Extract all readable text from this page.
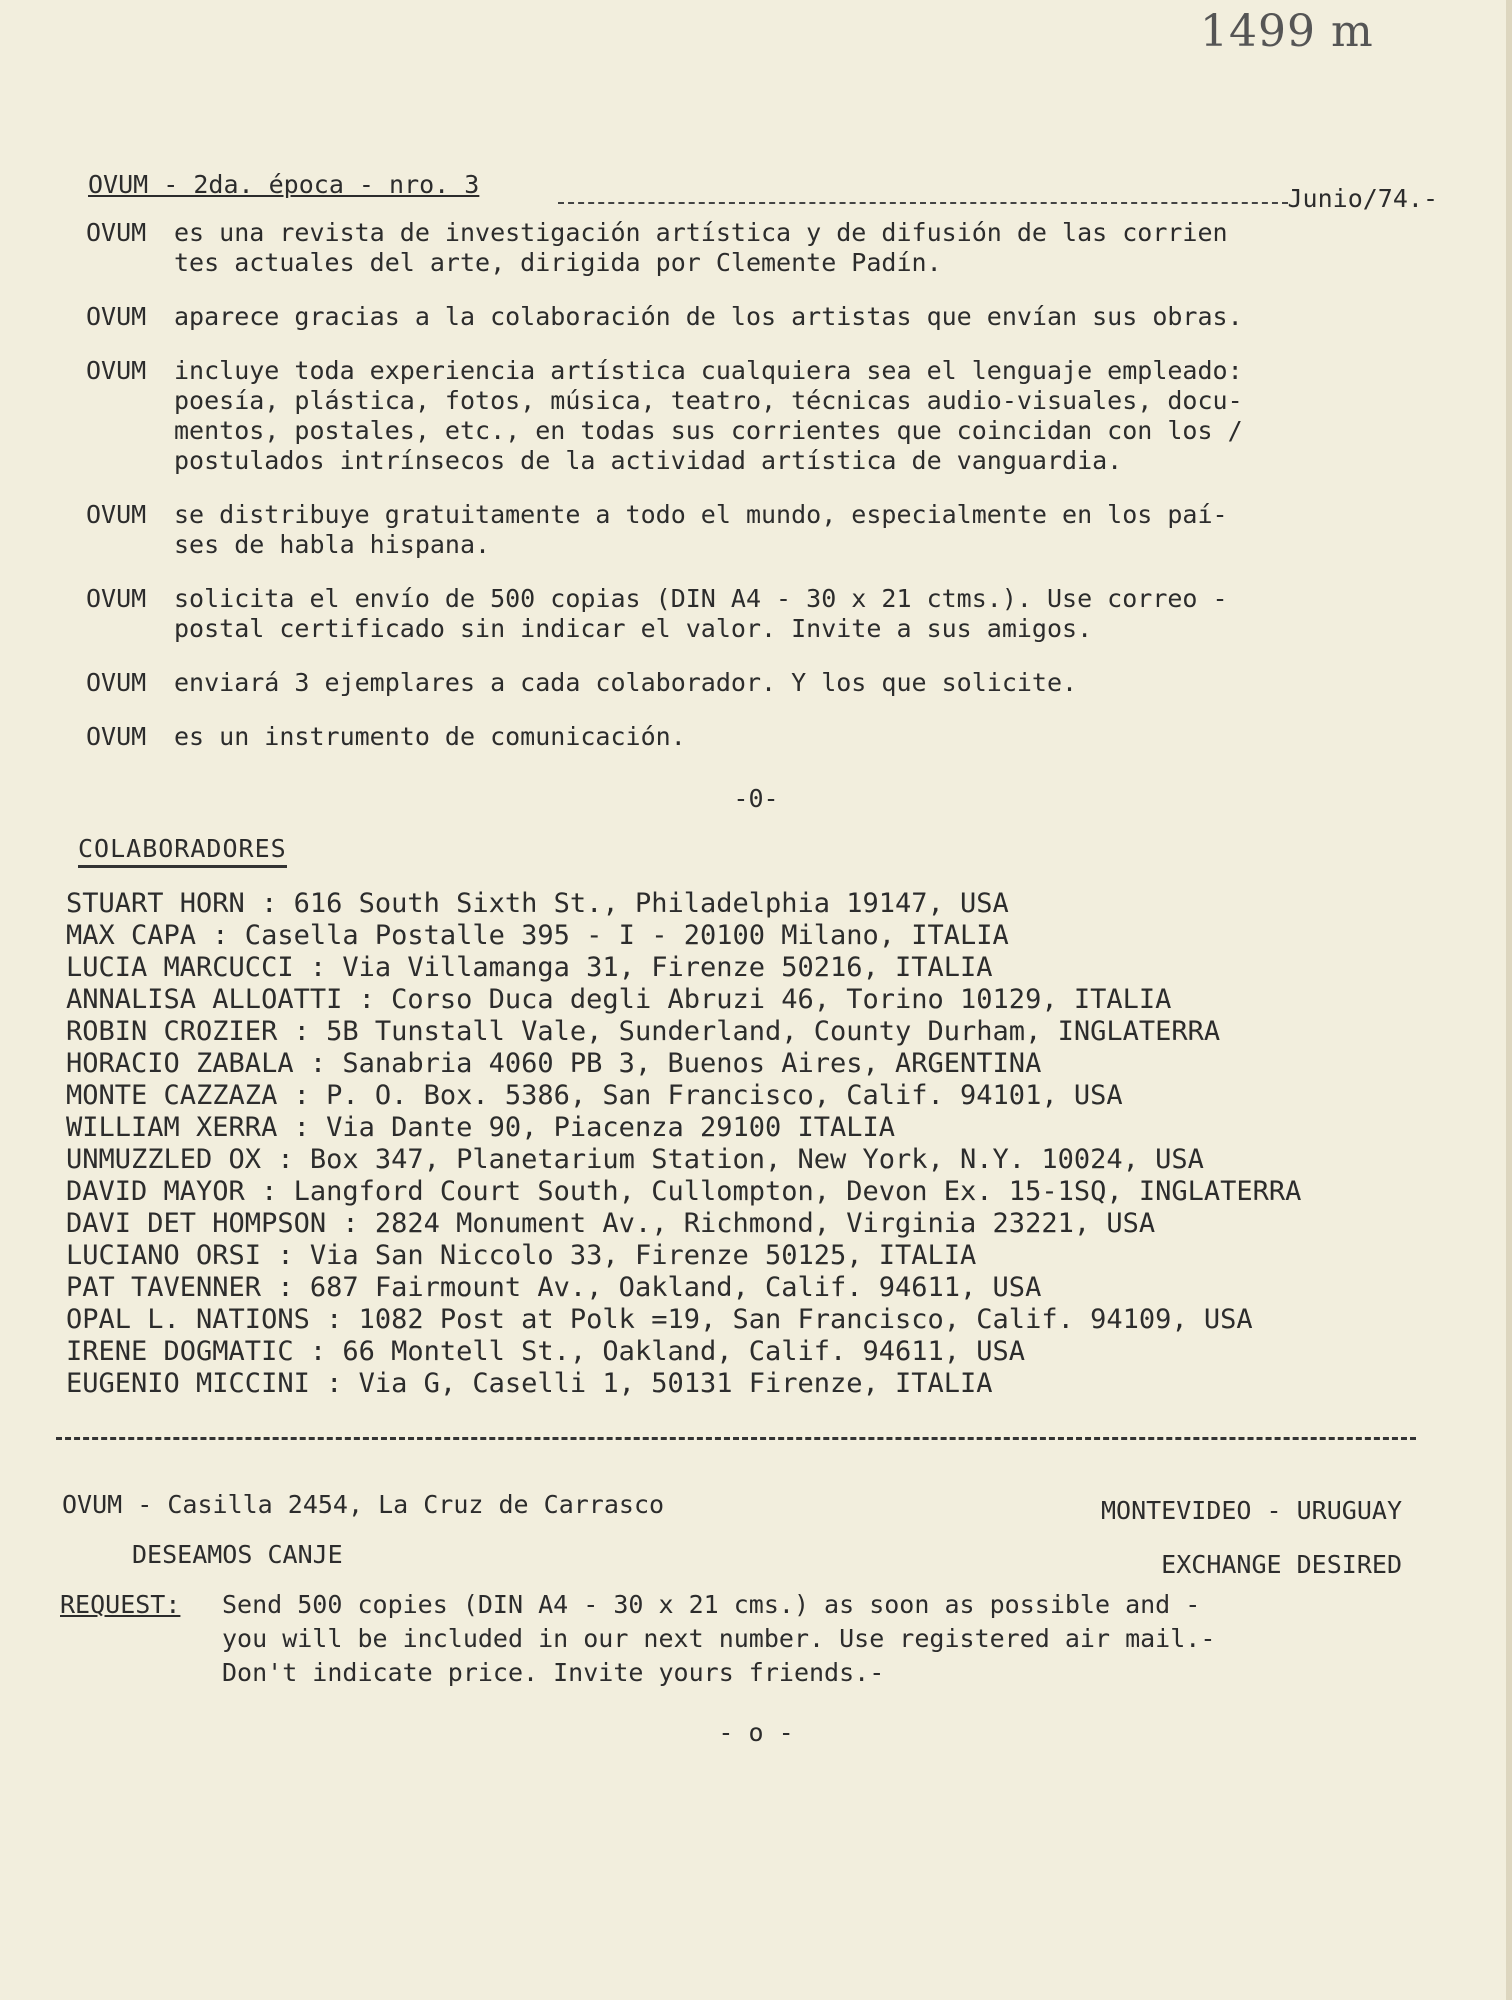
1499 m
OVUM - 2da. época - nro. 3	Junio/74.-
OVUM	es una revista de investigación artística y de difusión de las corrien
tes actuales del arte, dirigida por Clemente Padín.
OVUM	aparece gracias a la colaboración de los artistas que envían sus obras.
OVUM	incluye toda experiencia artística cualquiera sea el lenguaje empleado:
poesía, plástica, fotos, música, teatro, técnicas audio-visuales, docu-
mentos, postales, etc., en todas sus corrientes que coincidan con los /
postulados intrínsecos de la actividad artística de vanguardia.
OVUM	se distribuye gratuitamente a todo el mundo, especialmente en los paí-
ses de habla hispana.
OVUM	solicita el envío de 500 copias (DIN A4 - 30 x 21 ctms.). Use correo -
postal certificado sin indicar el valor. Invite a sus amigos.
OVUM	enviará 3 ejemplares a cada colaborador. Y los que solicite.
OVUM	es un instrumento de comunicación.
-0-
COLABORADORES
STUART HORN : 616 South Sixth St., Philadelphia 19147, USA
MAX CAPA : Casella Postalle 395 - I - 20100 Milano, ITALIA
LUCIA MARCUCCI : Via Villamanga 31, Firenze 50216, ITALIA
ANNALISA ALLOATTI : Corso Duca degli Abruzi 46, Torino 10129, ITALIA
ROBIN CROZIER : 5B Tunstall Vale, Sunderland, County Durham, INGLATERRA
HORACIO ZABALA : Sanabria 4060 PB 3, Buenos Aires, ARGENTINA
MONTE CAZZAZA : P. O. Box. 5386, San Francisco, Calif. 94101, USA
WILLIAM XERRA : Via Dante 90, Piacenza 29100 ITALIA
UNMUZZLED OX : Box 347, Planetarium Station, New York, N.Y. 10024, USA
DAVID MAYOR : Langford Court South, Cullompton, Devon Ex. 15-1SQ, INGLATERRA
DAVI DET HOMPSON : 2824 Monument Av., Richmond, Virginia 23221, USA
LUCIANO ORSI : Via San Niccolo 33, Firenze 50125, ITALIA
PAT TAVENNER : 687 Fairmount Av., Oakland, Calif. 94611, USA
OPAL L. NATIONS : 1082 Post at Polk =19, San Francisco, Calif. 94109, USA
IRENE DOGMATIC : 66 Montell St., Oakland, Calif. 94611, USA
EUGENIO MICCINI : Via G, Caselli 1, 50131 Firenze, ITALIA
OVUM - Casilla 2454, La Cruz de Carrasco	MONTEVIDEO - URUGUAY
DESEAMOS CANJE	EXCHANGE DESIRED
REQUEST:	Send 500 copies (DIN A4 - 30 x 21 cms.) as soon as possible and -
you will be included in our next number. Use registered air mail.-
Don't indicate price. Invite yours friends.-
- o -
